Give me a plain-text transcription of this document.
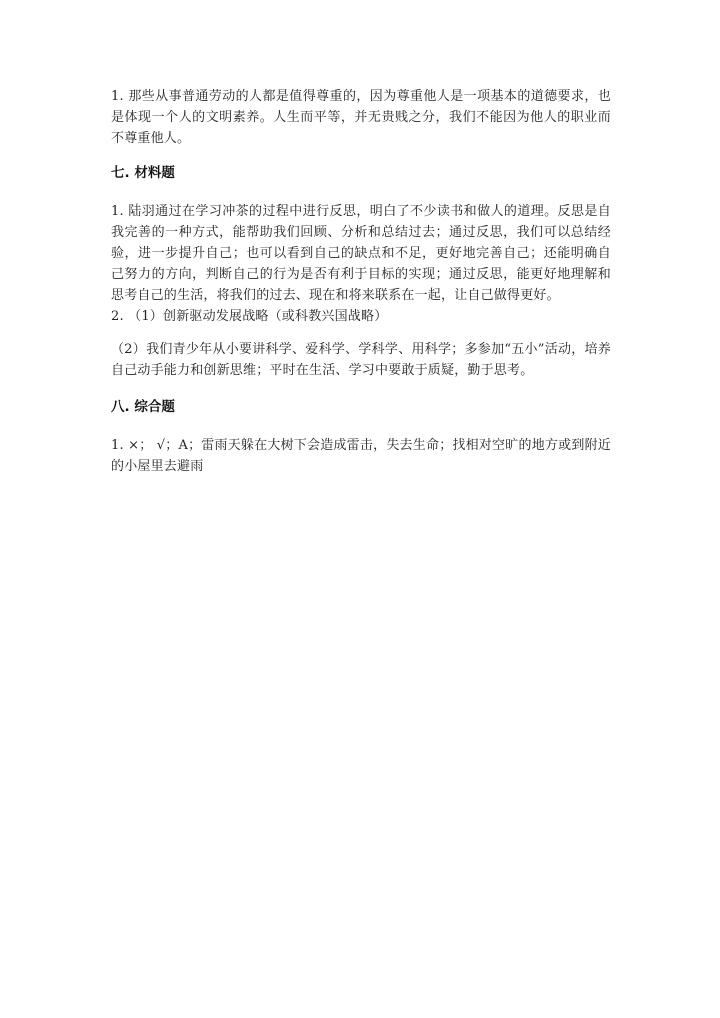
1. 那些从事普通劳动的人都是值得尊重的，因为尊重他人是一项基本的道德要求，也是体现一个人的文明素养。人生而平等，并无贵贱之分，我们不能因为他人的职业而不尊重他人。

七. 材料题

1. 陆羽通过在学习冲茶的过程中进行反思，明白了不少读书和做人的道理。反思是自我完善的一种方式，能帮助我们回顾、分析和总结过去；通过反思，我们可以总结经验，进一步提升自己；也可以看到自己的缺点和不足，更好地完善自己；还能明确自己努力的方向，判断自己的行为是否有利于目标的实现；通过反思，能更好地理解和思考自己的生活，将我们的过去、现在和将来联系在一起，让自己做得更好。

2. （1）创新驱动发展战略（或科教兴国战略）

（2）我们青少年从小要讲科学、爱科学、学科学、用科学；多参加“五小”活动，培养自己动手能力和创新思维；平时在生活、学习中要敢于质疑，勤于思考。

八. 综合题

1. ×； √；A；雷雨天躲在大树下会造成雷击，失去生命；找相对空旷的地方或到附近的小屋里去避雨
